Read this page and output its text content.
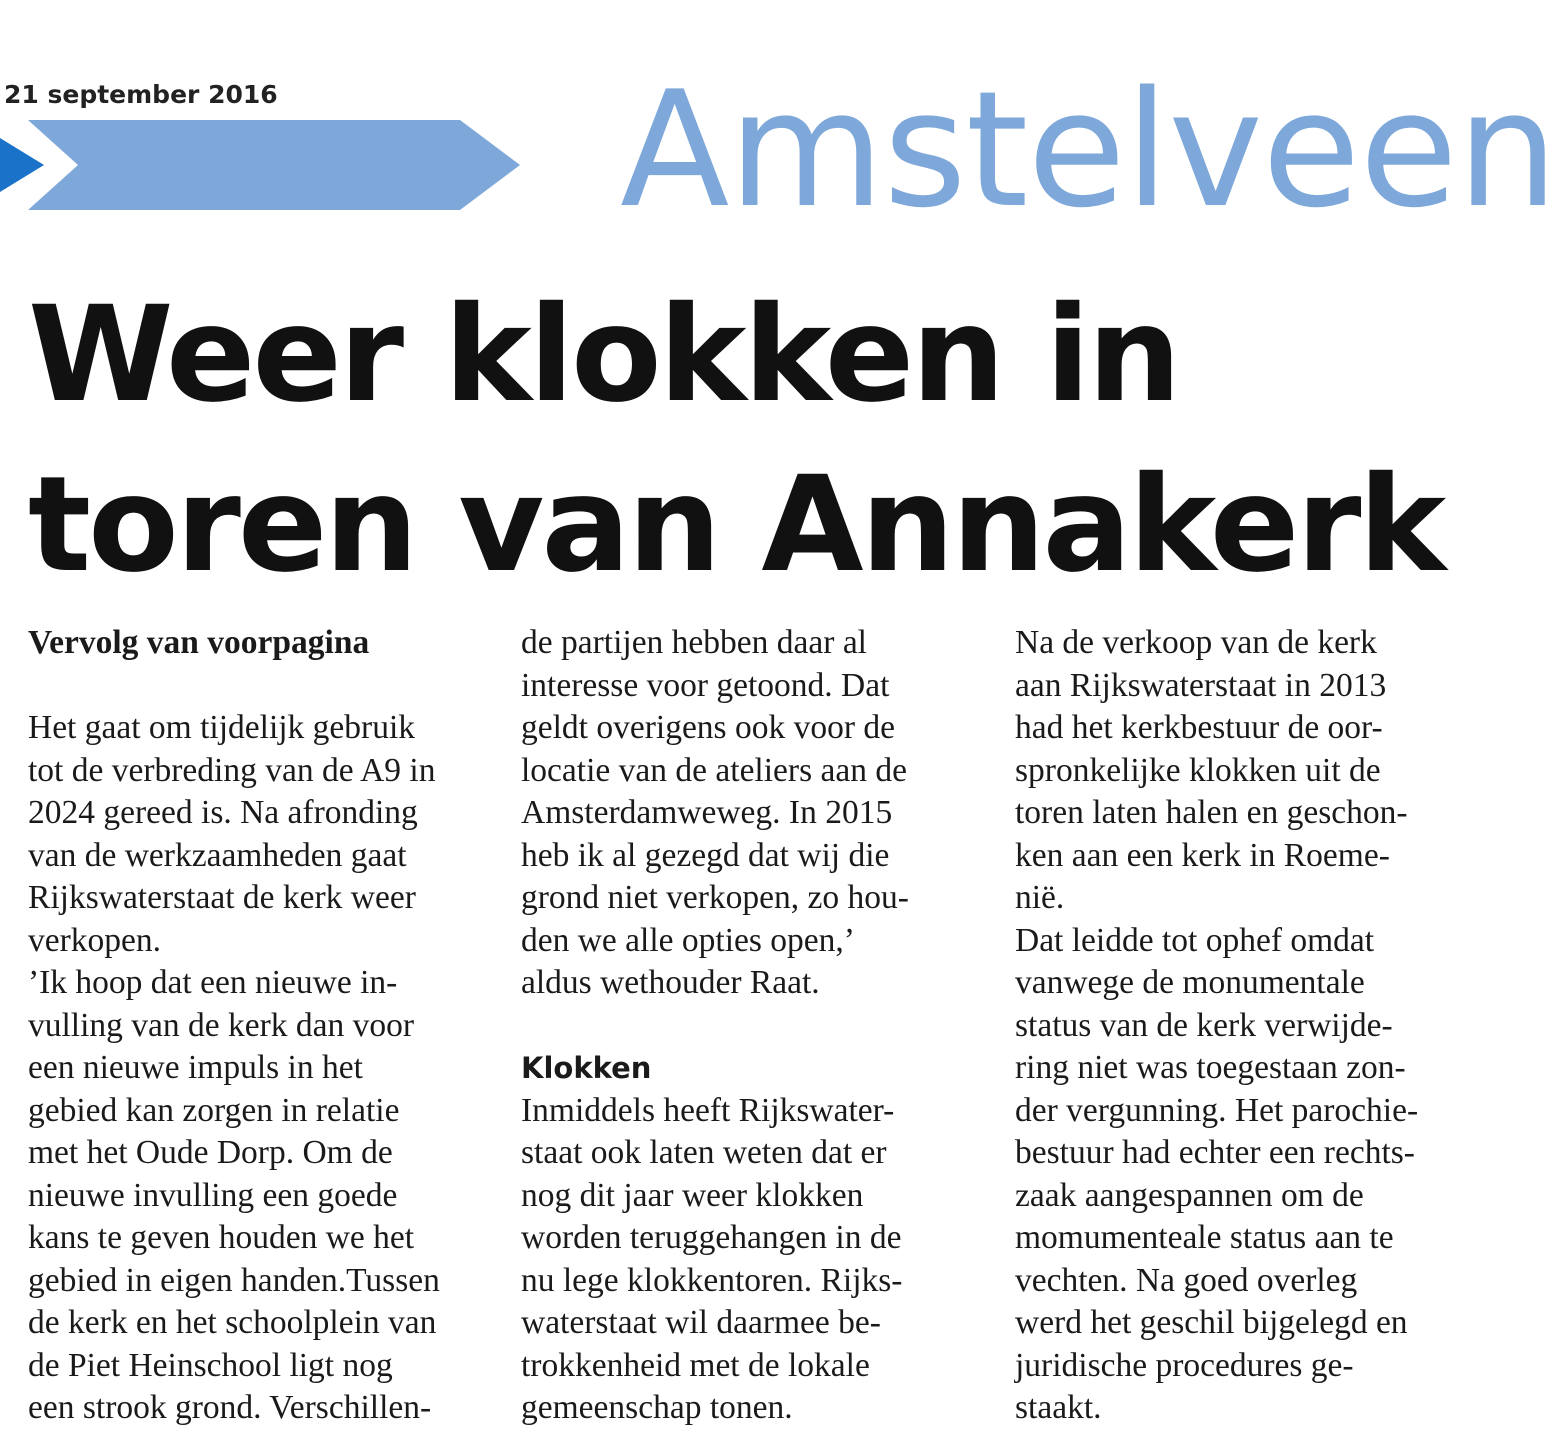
21 september 2016 Amstelveen
Weer klokken in
toren van Annakerk
Vervolg van voorpagina
Het gaat om tijdelijk gebruik
tot de verbreding van de A9 in
2024 gereed is. Na afronding
van de werkzaamheden gaat
Rijkswaterstaat de kerk weer
verkopen.
’Ik hoop dat een nieuwe in-
vulling van de kerk dan voor
een nieuwe impuls in het
gebied kan zorgen in relatie
met het Oude Dorp. Om de
nieuwe invulling een goede
kans te geven houden we het
gebied in eigen handen.Tussen
de kerk en het schoolplein van
de Piet Heinschool ligt nog
een strook grond. Verschillen-
de partijen hebben daar al
interesse voor getoond. Dat
geldt overigens ook voor de
locatie van de ateliers aan de
Amsterdamweweg. In 2015
heb ik al gezegd dat wij die
grond niet verkopen, zo hou-
den we alle opties open,’
aldus wethouder Raat.
Klokken
Inmiddels heeft Rijkswater-
staat ook laten weten dat er
nog dit jaar weer klokken
worden teruggehangen in de
nu lege klokkentoren. Rijks-
waterstaat wil daarmee be-
trokkenheid met de lokale
gemeenschap tonen.
Na de verkoop van de kerk
aan Rijkswaterstaat in 2013
had het kerkbestuur de oor-
spronkelijke klokken uit de
toren laten halen en geschon-
ken aan een kerk in Roeme-
nië.
Dat leidde tot ophef omdat
vanwege de monumentale
status van de kerk verwijde-
ring niet was toegestaan zon-
der vergunning. Het parochie-
bestuur had echter een rechts-
zaak aangespannen om de
momumenteale status aan te
vechten. Na goed overleg
werd het geschil bijgelegd en
juridische procedures ge-
staakt.
